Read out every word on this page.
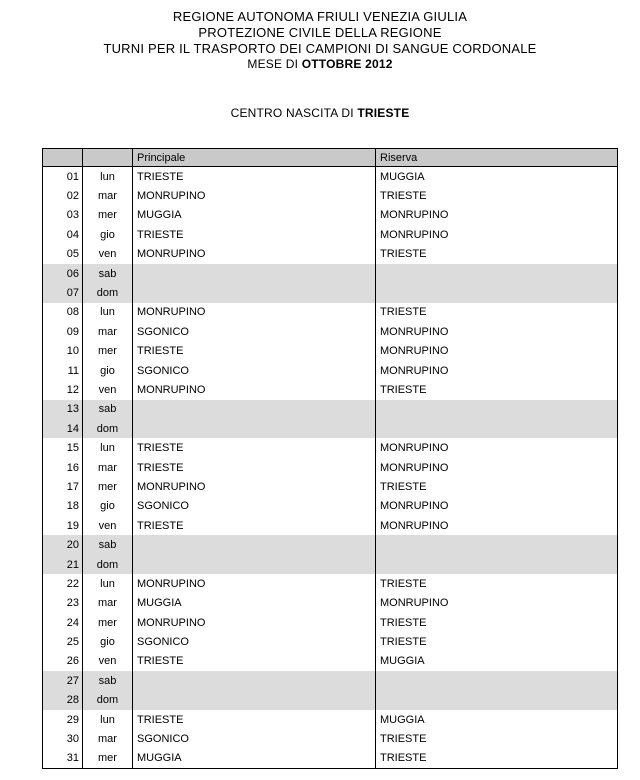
REGIONE AUTONOMA FRIULI VENEZIA GIULIA
PROTEZIONE CIVILE DELLA REGIONE
TURNI PER IL TRASPORTO DEI CAMPIONI DI SANGUE CORDONALE
MESE DI OTTOBRE 2012
CENTRO NASCITA DI TRIESTE
		Principale	Riserva
01	lun	TRIESTE	MUGGIA
02	mar	MONRUPINO	TRIESTE
03	mer	MUGGIA	MONRUPINO
04	gio	TRIESTE	MONRUPINO
05	ven	MONRUPINO	TRIESTE
06	sab		
07	dom		
08	lun	MONRUPINO	TRIESTE
09	mar	SGONICO	MONRUPINO
10	mer	TRIESTE	MONRUPINO
11	gio	SGONICO	MONRUPINO
12	ven	MONRUPINO	TRIESTE
13	sab		
14	dom		
15	lun	TRIESTE	MONRUPINO
16	mar	TRIESTE	MONRUPINO
17	mer	MONRUPINO	TRIESTE
18	gio	SGONICO	MONRUPINO
19	ven	TRIESTE	MONRUPINO
20	sab		
21	dom		
22	lun	MONRUPINO	TRIESTE
23	mar	MUGGIA	MONRUPINO
24	mer	MONRUPINO	TRIESTE
25	gio	SGONICO	TRIESTE
26	ven	TRIESTE	MUGGIA
27	sab		
28	dom		
29	lun	TRIESTE	MUGGIA
30	mar	SGONICO	TRIESTE
31	mer	MUGGIA	TRIESTE
